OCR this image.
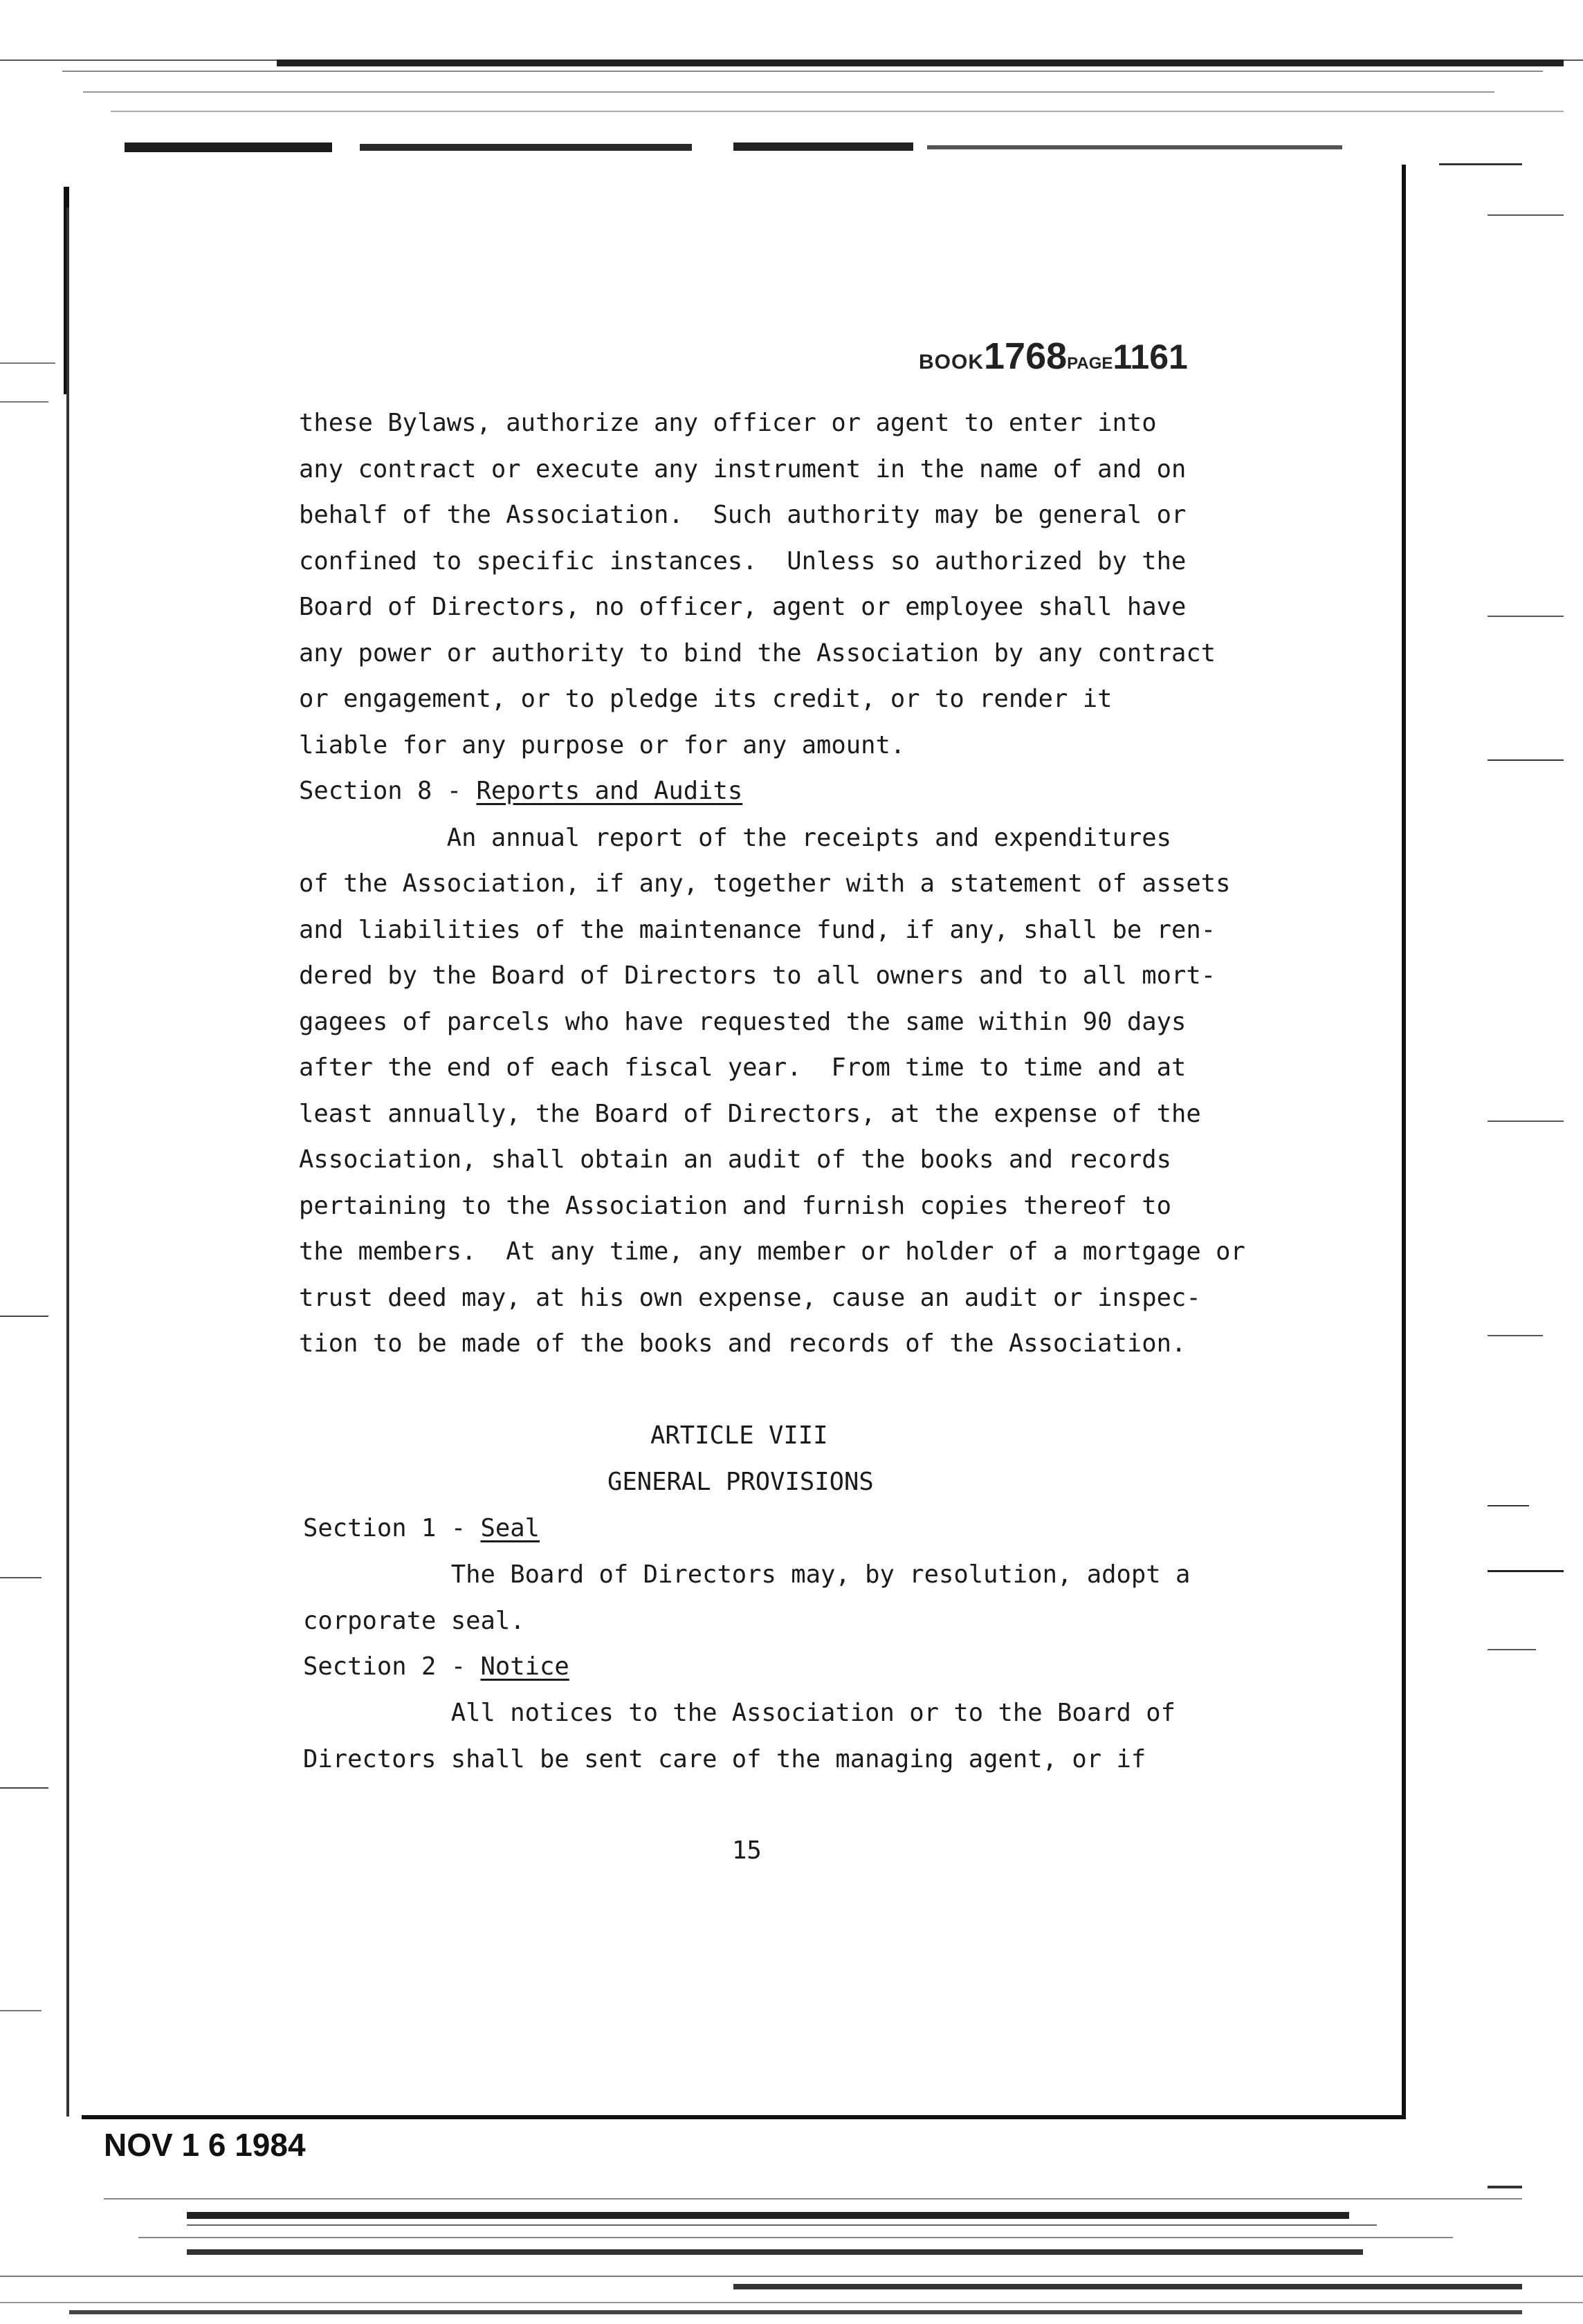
BOOK1768PAGE1161
these Bylaws, authorize any officer or agent to enter into
any contract or execute any instrument in the name of and on
behalf of the Association.  Such authority may be general or
confined to specific instances.  Unless so authorized by the
Board of Directors, no officer, agent or employee shall have
any power or authority to bind the Association by any contract
or engagement, or to pledge its credit, or to render it
liable for any purpose or for any amount.
Section 8 - Reports and Audits
An annual report of the receipts and expenditures
of the Association, if any, together with a statement of assets
and liabilities of the maintenance fund, if any, shall be ren-
dered by the Board of Directors to all owners and to all mort-
gagees of parcels who have requested the same within 90 days
after the end of each fiscal year.  From time to time and at
least annually, the Board of Directors, at the expense of the
Association, shall obtain an audit of the books and records
pertaining to the Association and furnish copies thereof to
the members.  At any time, any member or holder of a mortgage or
trust deed may, at his own expense, cause an audit or inspec-
tion to be made of the books and records of the Association.
ARTICLE VIII
GENERAL PROVISIONS
Section 1 - Seal
The Board of Directors may, by resolution, adopt a
corporate seal.
Section 2 - Notice
All notices to the Association or to the Board of
Directors shall be sent care of the managing agent, or if
15
NOV 1 6 1984
